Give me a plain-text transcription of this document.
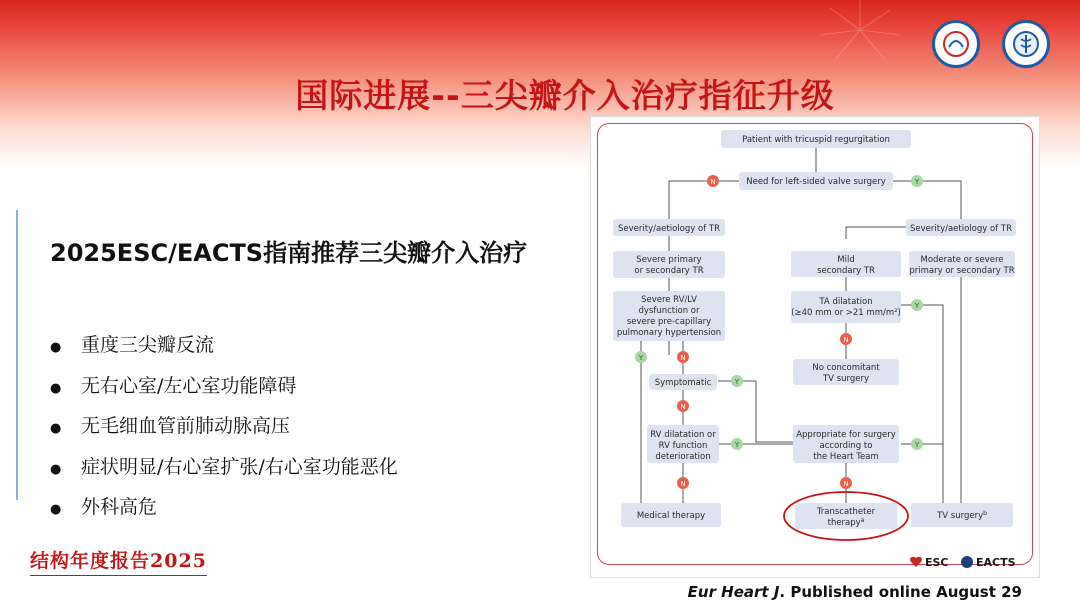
国际进展--三尖瓣介入治疗指征升级
2025ESC/EACTS指南推荐三尖瓣介入治疗
● 重度三尖瓣反流
● 无右心室/左心室功能障碍
● 无毛细血管前肺动脉高压
● 症状明显/右心室扩张/右心室功能恶化
● 外科高危
结构年度报告2025
Eur Heart J. Published online August 29
Patient with tricuspid regurgitation
Need for left-sided valve surgery
Severity/aetiology of TR	Severity/aetiology of TR
Severe primary
or secondary TR
Severe RV/LV
dysfunction or
severe pre-capillary
pulmonary hypertension
Symptomatic
RV dilatation or
RV function
deterioration
Medical therapy
Mild
secondary TR
TA dilatation
(≥40 mm or >21 mm/m²)
No concomitant
TV surgery
Appropriate for surgery
according to
the Heart Team
Transcatheter
therapy$^a$
Moderate or severe
primary or secondary TR
TV surgery$^b$
N	Y
Y	N
Y
N
Y
N
Y
N
Y
N
ESC EACTS
